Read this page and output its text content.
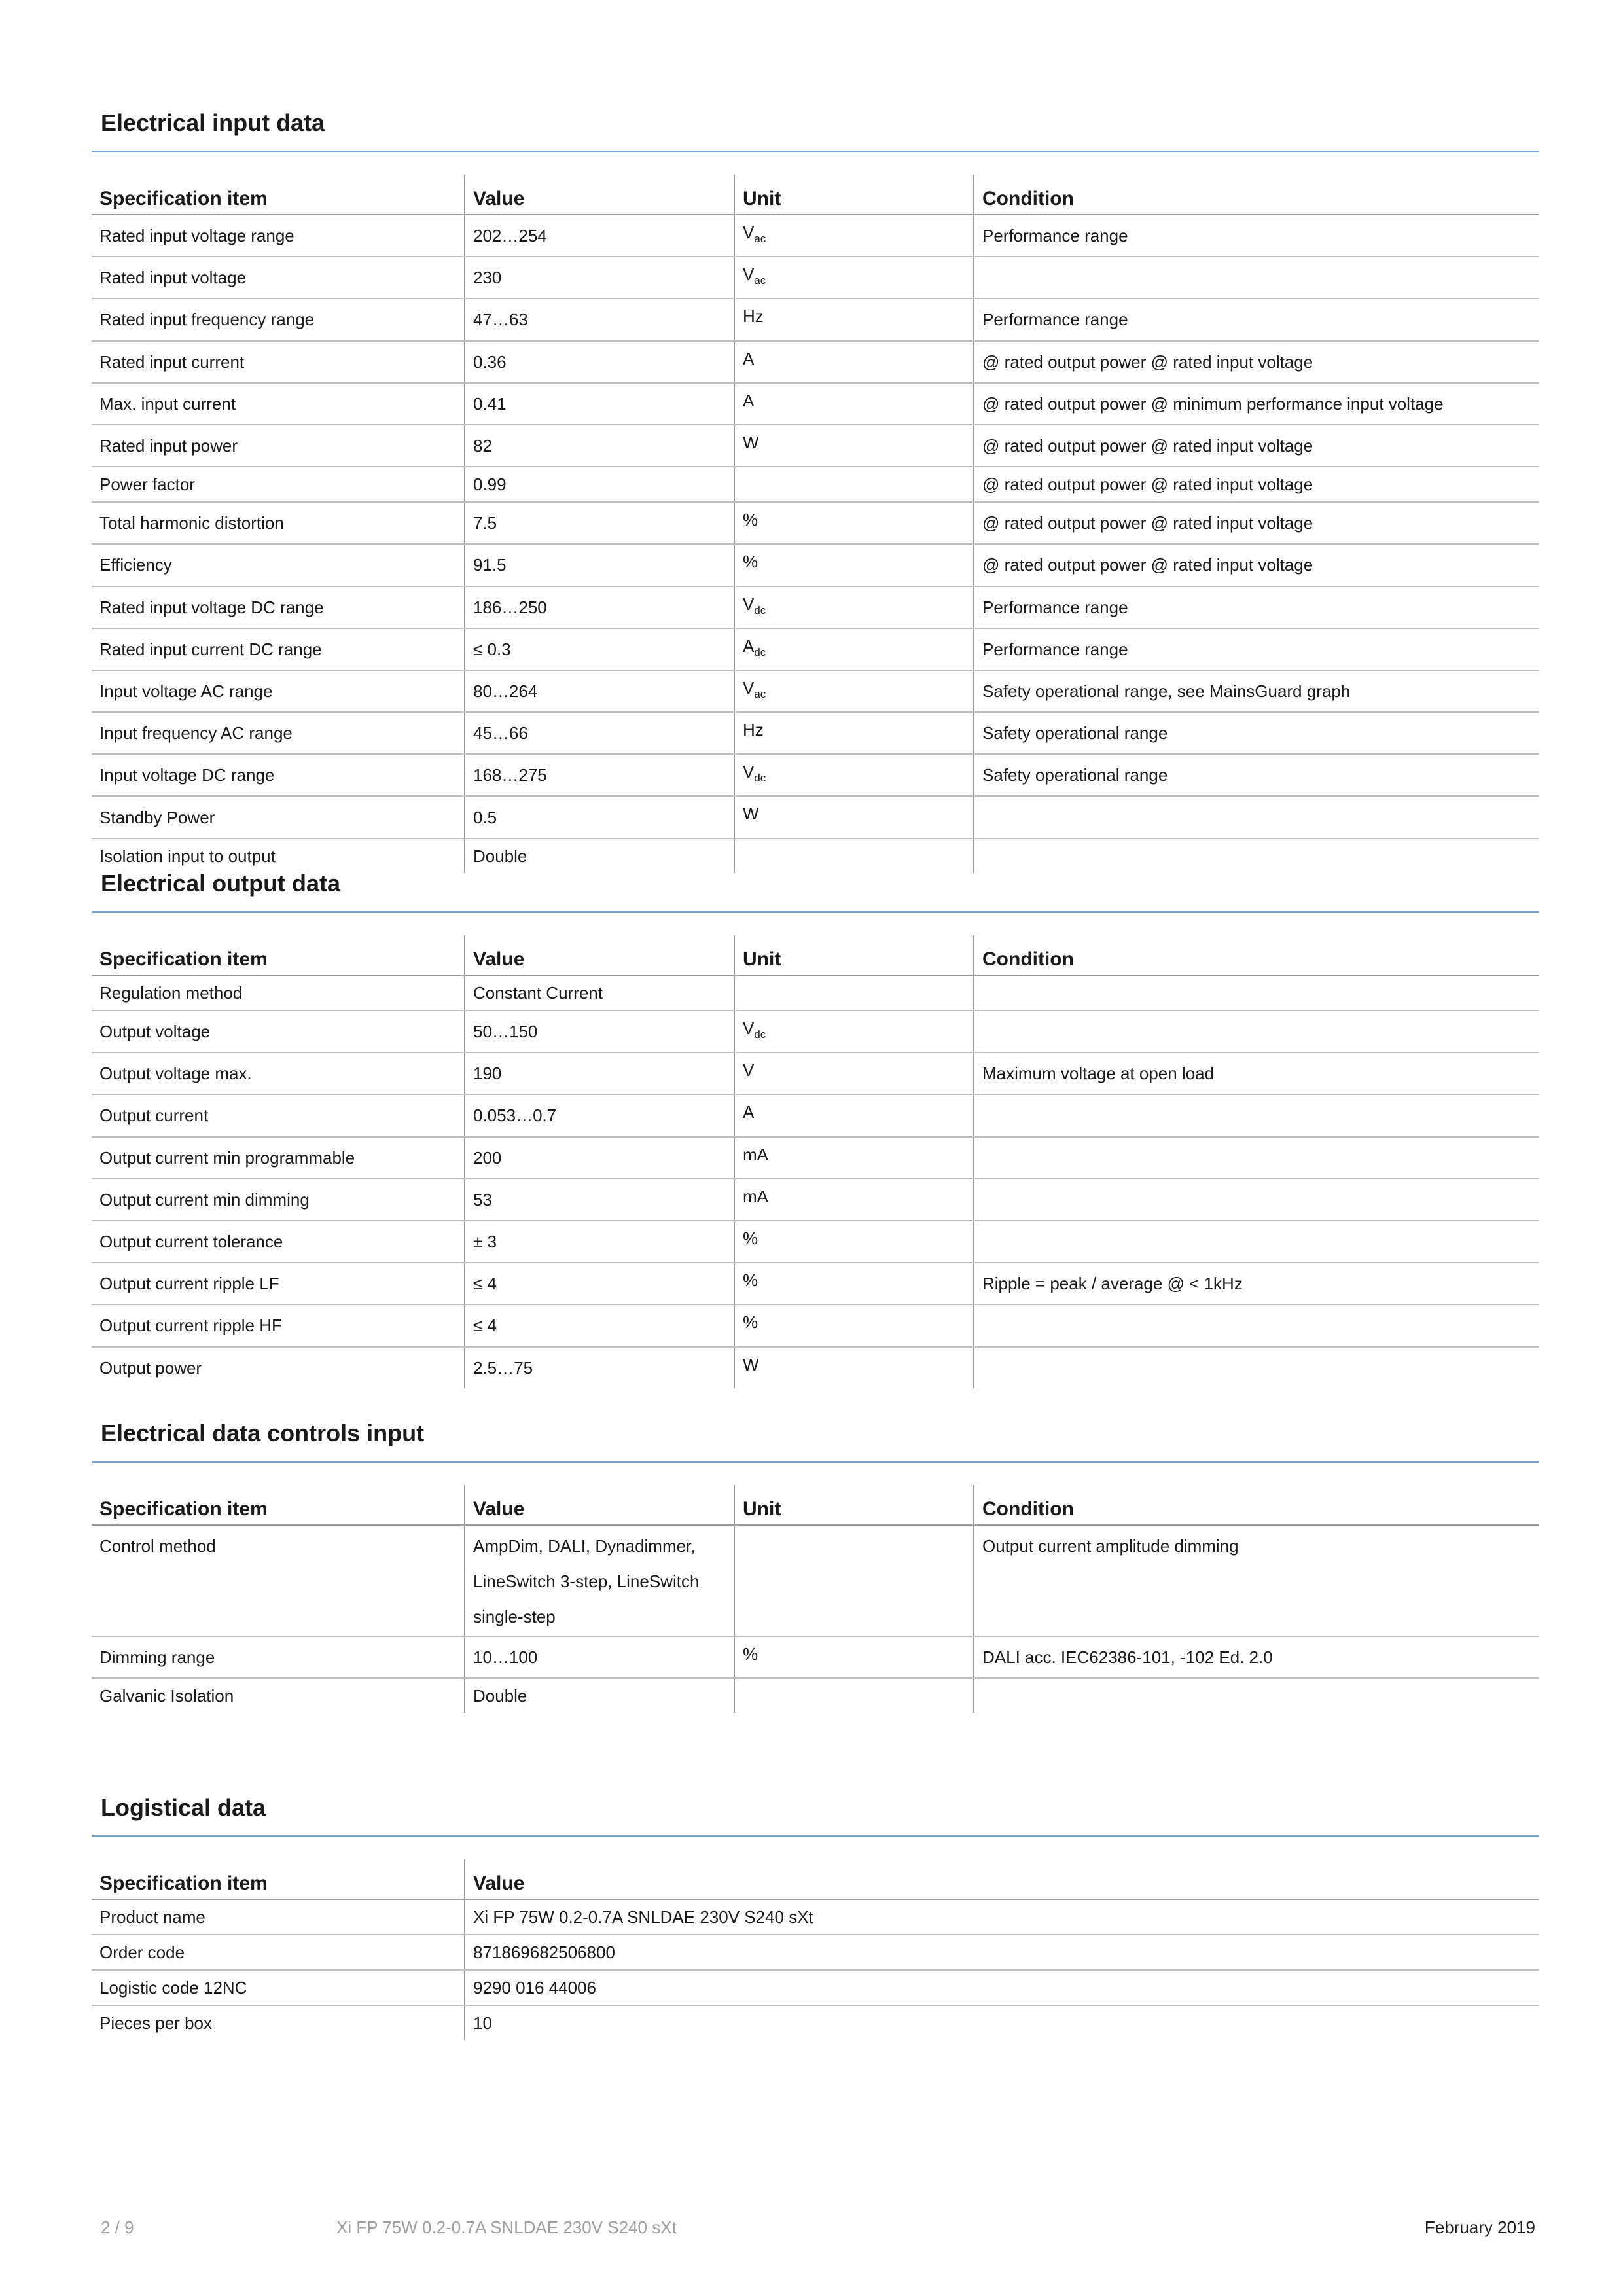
Electrical input data
Specification item	Value	Unit	Condition
Rated input voltage range	202…254	$V_{ac}$	Performance range
Rated input voltage	230	$V_{ac}$	
Rated input frequency range	47…63	Hz	Performance range
Rated input current	0.36	A	@ rated output power @ rated input voltage
Max. input current	0.41	A	@ rated output power @ minimum performance input voltage
Rated input power	82	W	@ rated output power @ rated input voltage
Power factor	0.99		@ rated output power @ rated input voltage
Total harmonic distortion	7.5	%	@ rated output power @ rated input voltage
Efficiency	91.5	%	@ rated output power @ rated input voltage
Rated input voltage DC range	186…250	$V_{dc}$	Performance range
Rated input current DC range	≤ 0.3	$A_{dc}$	Performance range
Input voltage AC range	80…264	$V_{ac}$	Safety operational range, see MainsGuard graph
Input frequency AC range	45…66	Hz	Safety operational range
Input voltage DC range	168…275	$V_{dc}$	Safety operational range
Standby Power	0.5	W	
Isolation input to output	Double		
Electrical output data
Specification item	Value	Unit	Condition
Regulation method	Constant Current		
Output voltage	50…150	$V_{dc}$	
Output voltage max.	190	V	Maximum voltage at open load
Output current	0.053…0.7	A	
Output current min programmable	200	mA	
Output current min dimming	53	mA	
Output current tolerance	± 3	%	
Output current ripple LF	≤ 4	%	Ripple = peak / average @ < 1kHz
Output current ripple HF	≤ 4	%	
Output power	2.5…75	W	
Electrical data controls input
Specification item	Value	Unit	Condition
Control method	AmpDim, DALI, Dynadimmer,
LineSwitch 3-step, LineSwitch
single-step		Output current amplitude dimming
Dimming range	10…100	%	DALI acc. IEC62386-101, -102 Ed. 2.0
Galvanic Isolation	Double		
Logistical data
Specification item	Value
Product name	Xi FP 75W 0.2-0.7A SNLDAE 230V S240 sXt
Order code	871869682506800
Logistic code 12NC	9290 016 44006
Pieces per box	10
2 / 9	Xi FP 75W 0.2-0.7A SNLDAE 230V S240 sXt	February 2019
